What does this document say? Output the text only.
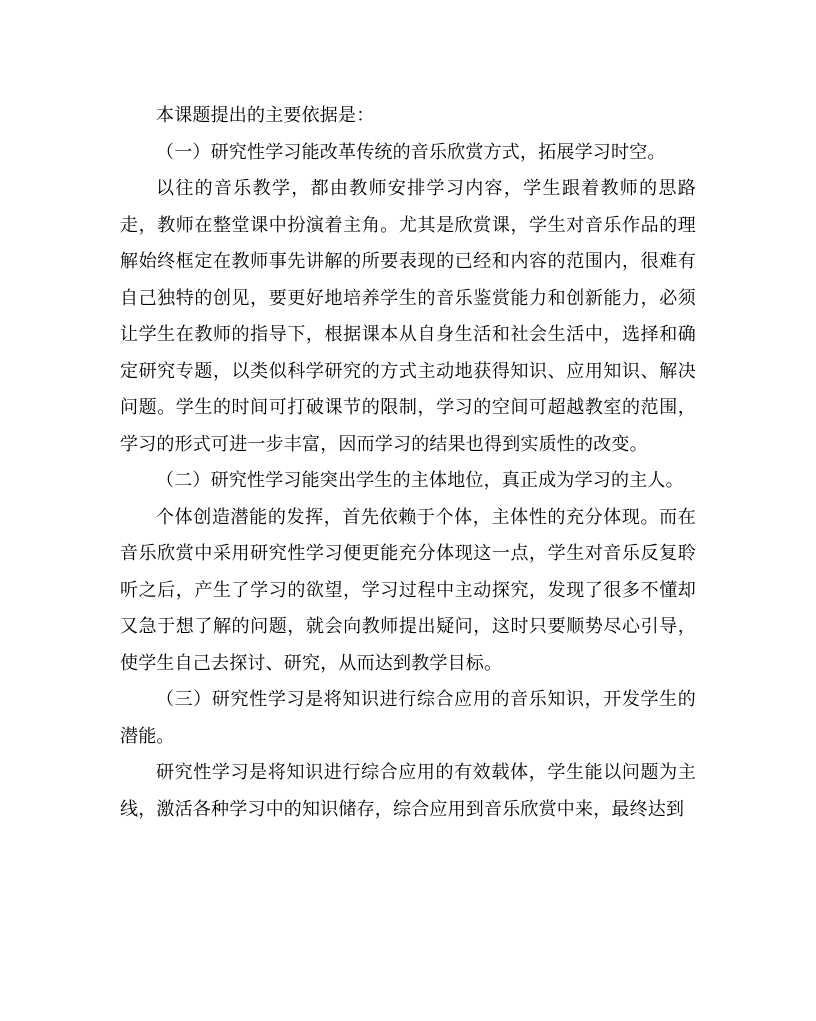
本课题提出的主要依据是：

（一）研究性学习能改革传统的音乐欣赏方式，拓展学习时空。

以往的音乐教学，都由教师安排学习内容，学生跟着教师的思路走，教师在整堂课中扮演着主角。尤其是欣赏课，学生对音乐作品的理解始终框定在教师事先讲解的所要表现的已经和内容的范围内，很难有自己独特的创见，要更好地培养学生的音乐鉴赏能力和创新能力，必须让学生在教师的指导下，根据课本从自身生活和社会生活中，选择和确定研究专题，以类似科学研究的方式主动地获得知识、应用知识、解决问题。学生的时间可打破课节的限制，学习的空间可超越教室的范围，学习的形式可进一步丰富，因而学习的结果也得到实质性的改变。

（二）研究性学习能突出学生的主体地位，真正成为学习的主人。

个体创造潜能的发挥，首先依赖于个体，主体性的充分体现。而在音乐欣赏中采用研究性学习便更能充分体现这一点，学生对音乐反复聆听之后，产生了学习的欲望，学习过程中主动探究，发现了很多不懂却又急于想了解的问题，就会向教师提出疑问，这时只要顺势尽心引导，使学生自己去探讨、研究，从而达到教学目标。

（三）研究性学习是将知识进行综合应用的音乐知识，开发学生的潜能。

研究性学习是将知识进行综合应用的有效载体，学生能以问题为主线，激活各种学习中的知识储存，综合应用到音乐欣赏中来，最终达到
